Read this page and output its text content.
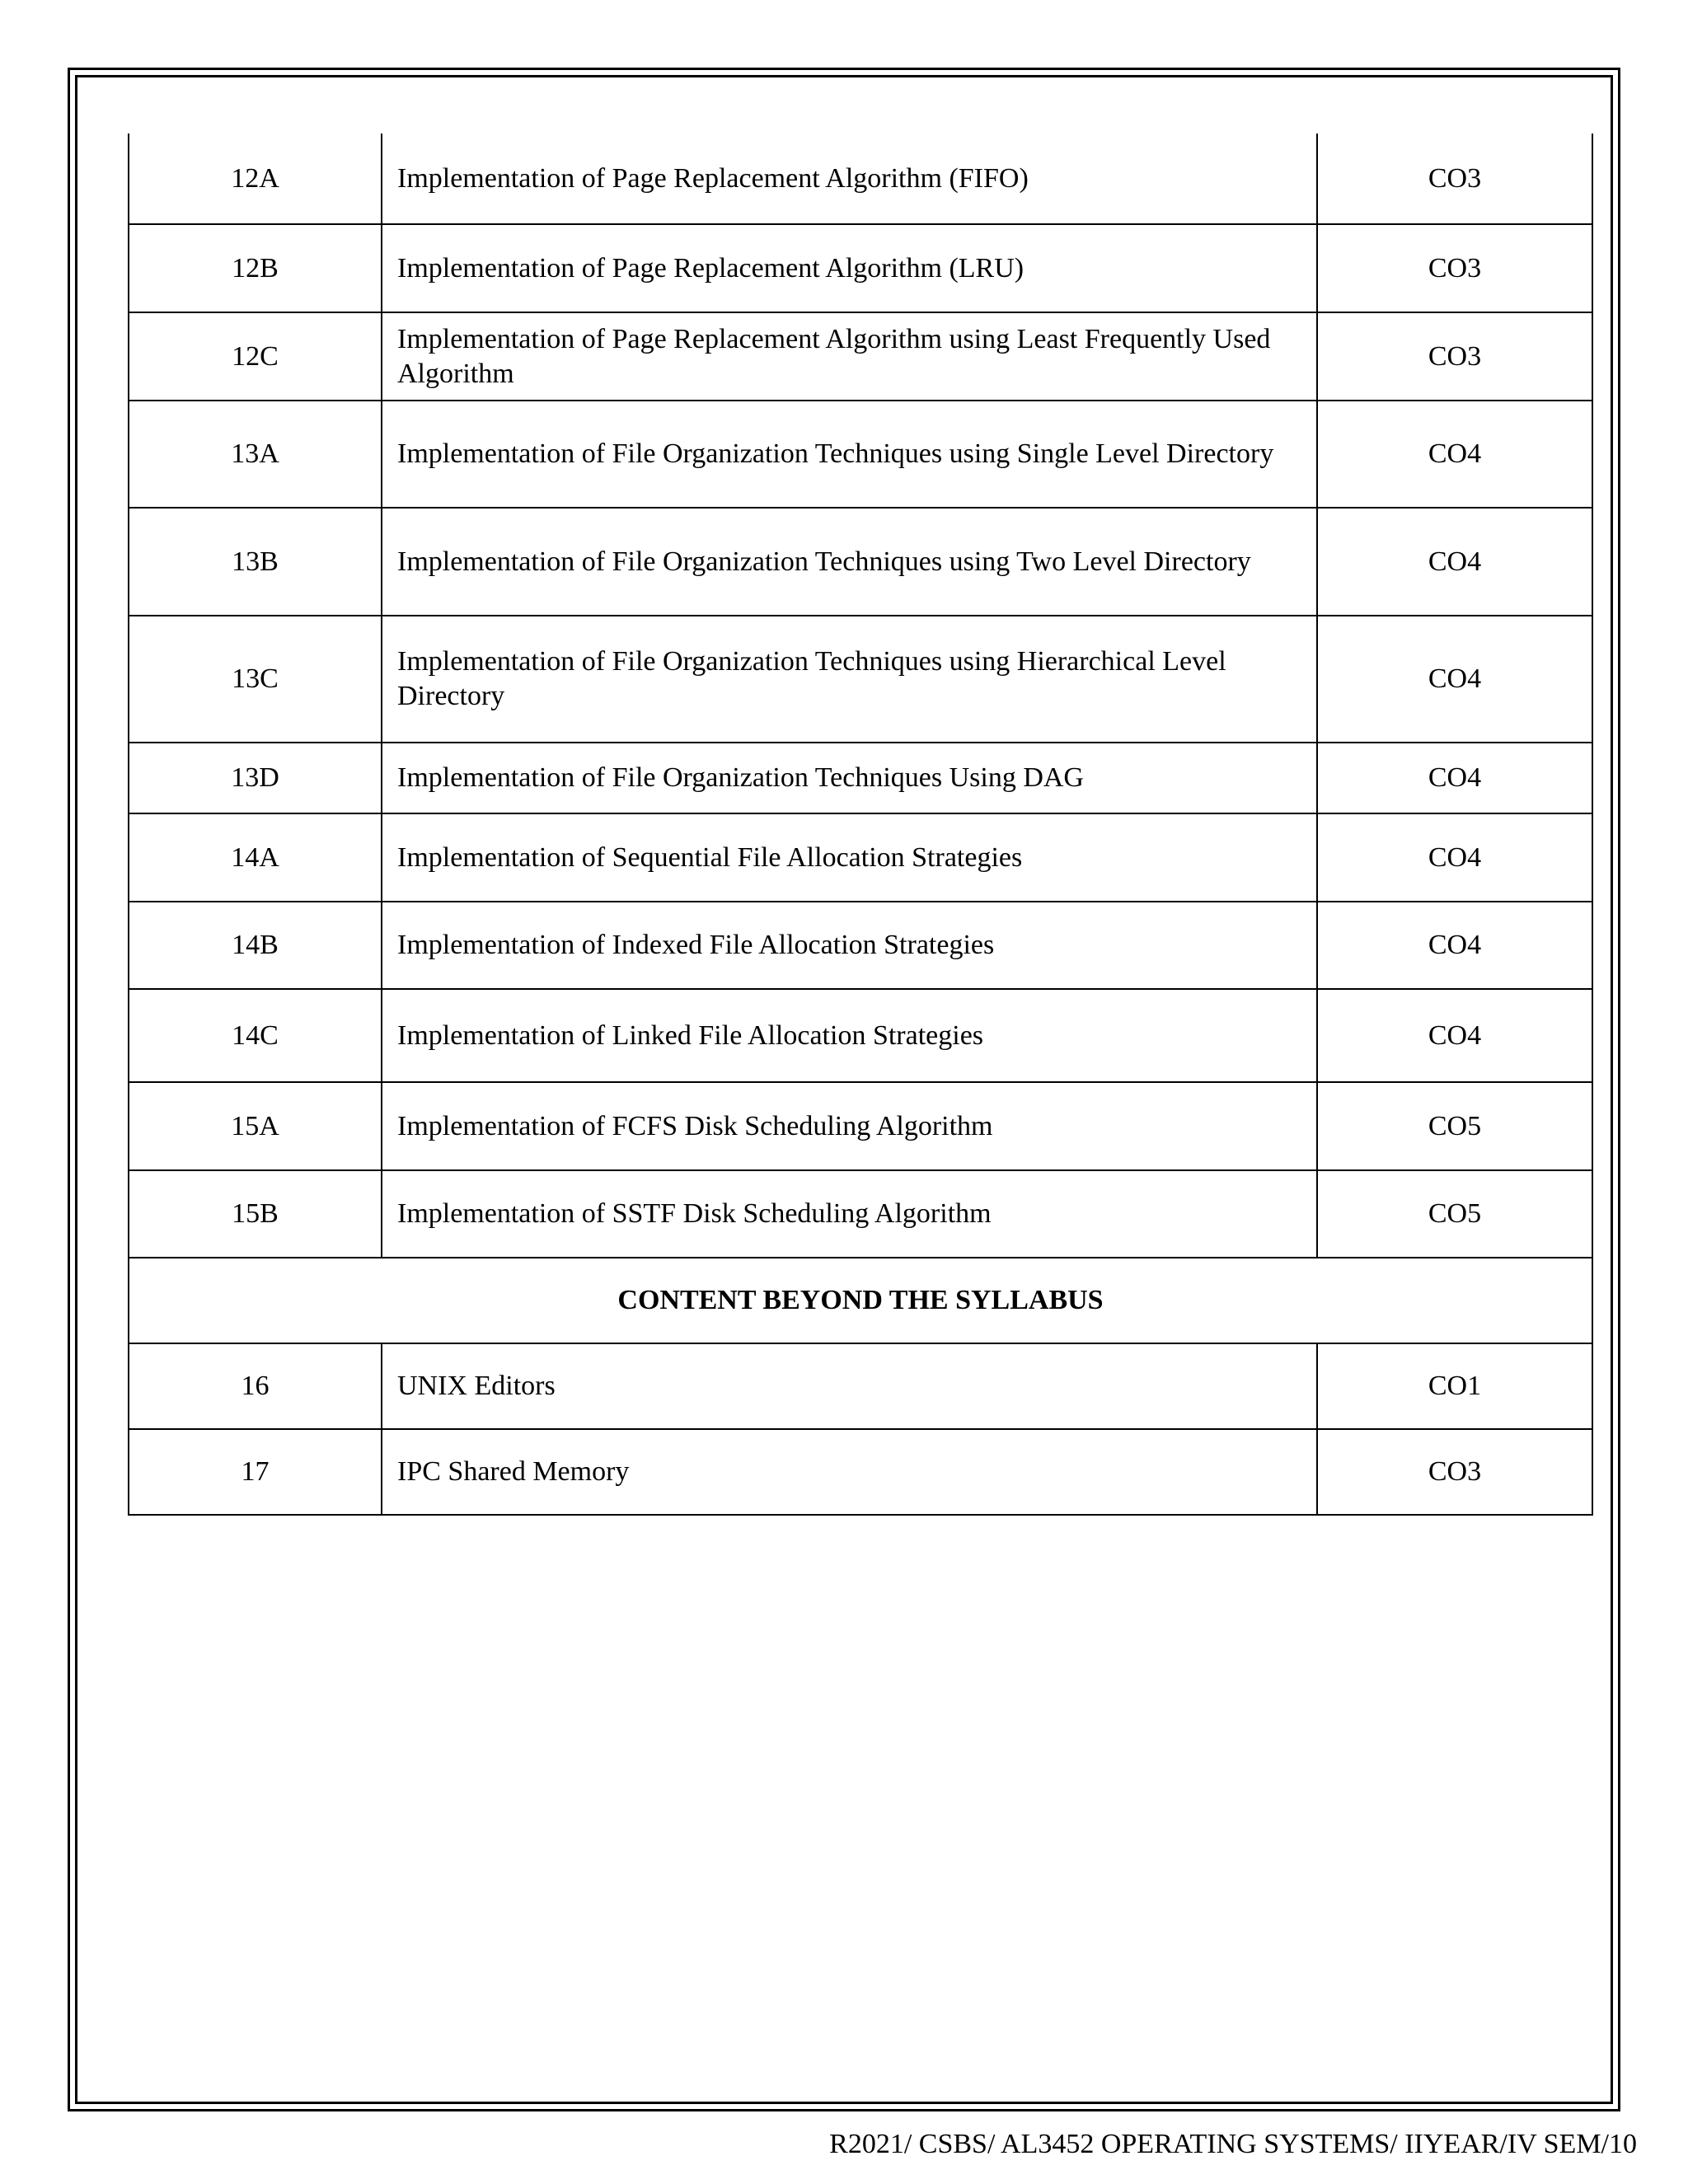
12A	Implementation of Page Replacement Algorithm (FIFO)	CO3
12B	Implementation of Page Replacement Algorithm (LRU)	CO3
12C	Implementation of Page Replacement Algorithm using Least Frequently Used Algorithm	CO3
13A	Implementation of File Organization Techniques using Single Level Directory	CO4
13B	Implementation of File Organization Techniques using Two Level Directory	CO4
13C	Implementation of File Organization Techniques using Hierarchical Level Directory	CO4
13D	Implementation of File Organization Techniques Using DAG	CO4
14A	Implementation of Sequential File Allocation Strategies	CO4
14B	Implementation of Indexed File Allocation Strategies	CO4
14C	Implementation of Linked File Allocation Strategies	CO4
15A	Implementation of FCFS Disk Scheduling Algorithm	CO5
15B	Implementation of SSTF Disk Scheduling Algorithm	CO5
CONTENT BEYOND THE SYLLABUS		
16	UNIX Editors	CO1
17	IPC Shared Memory	CO3
R2021/ CSBS/ AL3452 OPERATING SYSTEMS/ IIYEAR/IV SEM/10
